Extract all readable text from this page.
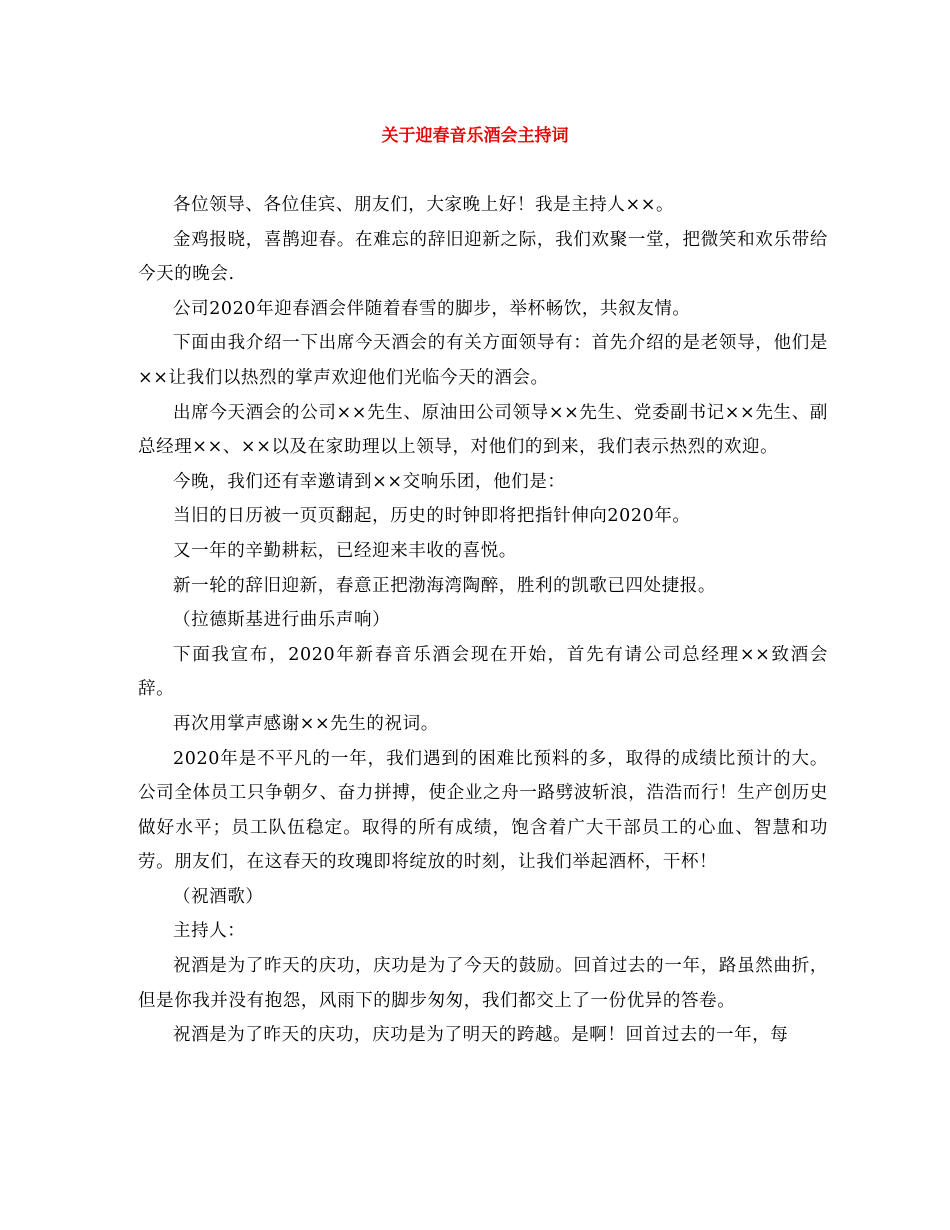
关于迎春音乐酒会主持词

各位领导、各位佳宾、朋友们，大家晚上好！我是主持人××。

金鸡报晓，喜鹊迎春。在难忘的辞旧迎新之际，我们欢聚一堂，把微笑和欢乐带给今天的晚会.

公司2020年迎春酒会伴随着春雪的脚步，举杯畅饮，共叙友情。

下面由我介绍一下出席今天酒会的有关方面领导有：首先介绍的是老领导，他们是××让我们以热烈的掌声欢迎他们光临今天的酒会。

出席今天酒会的公司××先生、原油田公司领导××先生、党委副书记××先生、副总经理××、××以及在家助理以上领导，对他们的到来，我们表示热烈的欢迎。

今晚，我们还有幸邀请到××交响乐团，他们是：

当旧的日历被一页页翻起，历史的时钟即将把指针伸向2020年。

又一年的辛勤耕耘，已经迎来丰收的喜悦。

新一轮的辞旧迎新，春意正把渤海湾陶醉，胜利的凯歌已四处捷报。

（拉德斯基进行曲乐声响）

下面我宣布，2020年新春音乐酒会现在开始，首先有请公司总经理××致酒会辞。

再次用掌声感谢××先生的祝词。

2020年是不平凡的一年，我们遇到的困难比预料的多，取得的成绩比预计的大。公司全体员工只争朝夕、奋力拼搏，使企业之舟一路劈波斩浪，浩浩而行！生产创历史做好水平；员工队伍稳定。取得的所有成绩，饱含着广大干部员工的心血、智慧和功劳。朋友们，在这春天的玫瑰即将绽放的时刻，让我们举起酒杯，干杯！

（祝酒歌）

主持人：

祝酒是为了昨天的庆功，庆功是为了今天的鼓励。回首过去的一年，路虽然曲折，但是你我并没有抱怨，风雨下的脚步匆匆，我们都交上了一份优异的答卷。

祝酒是为了昨天的庆功，庆功是为了明天的跨越。是啊！回首过去的一年，每
